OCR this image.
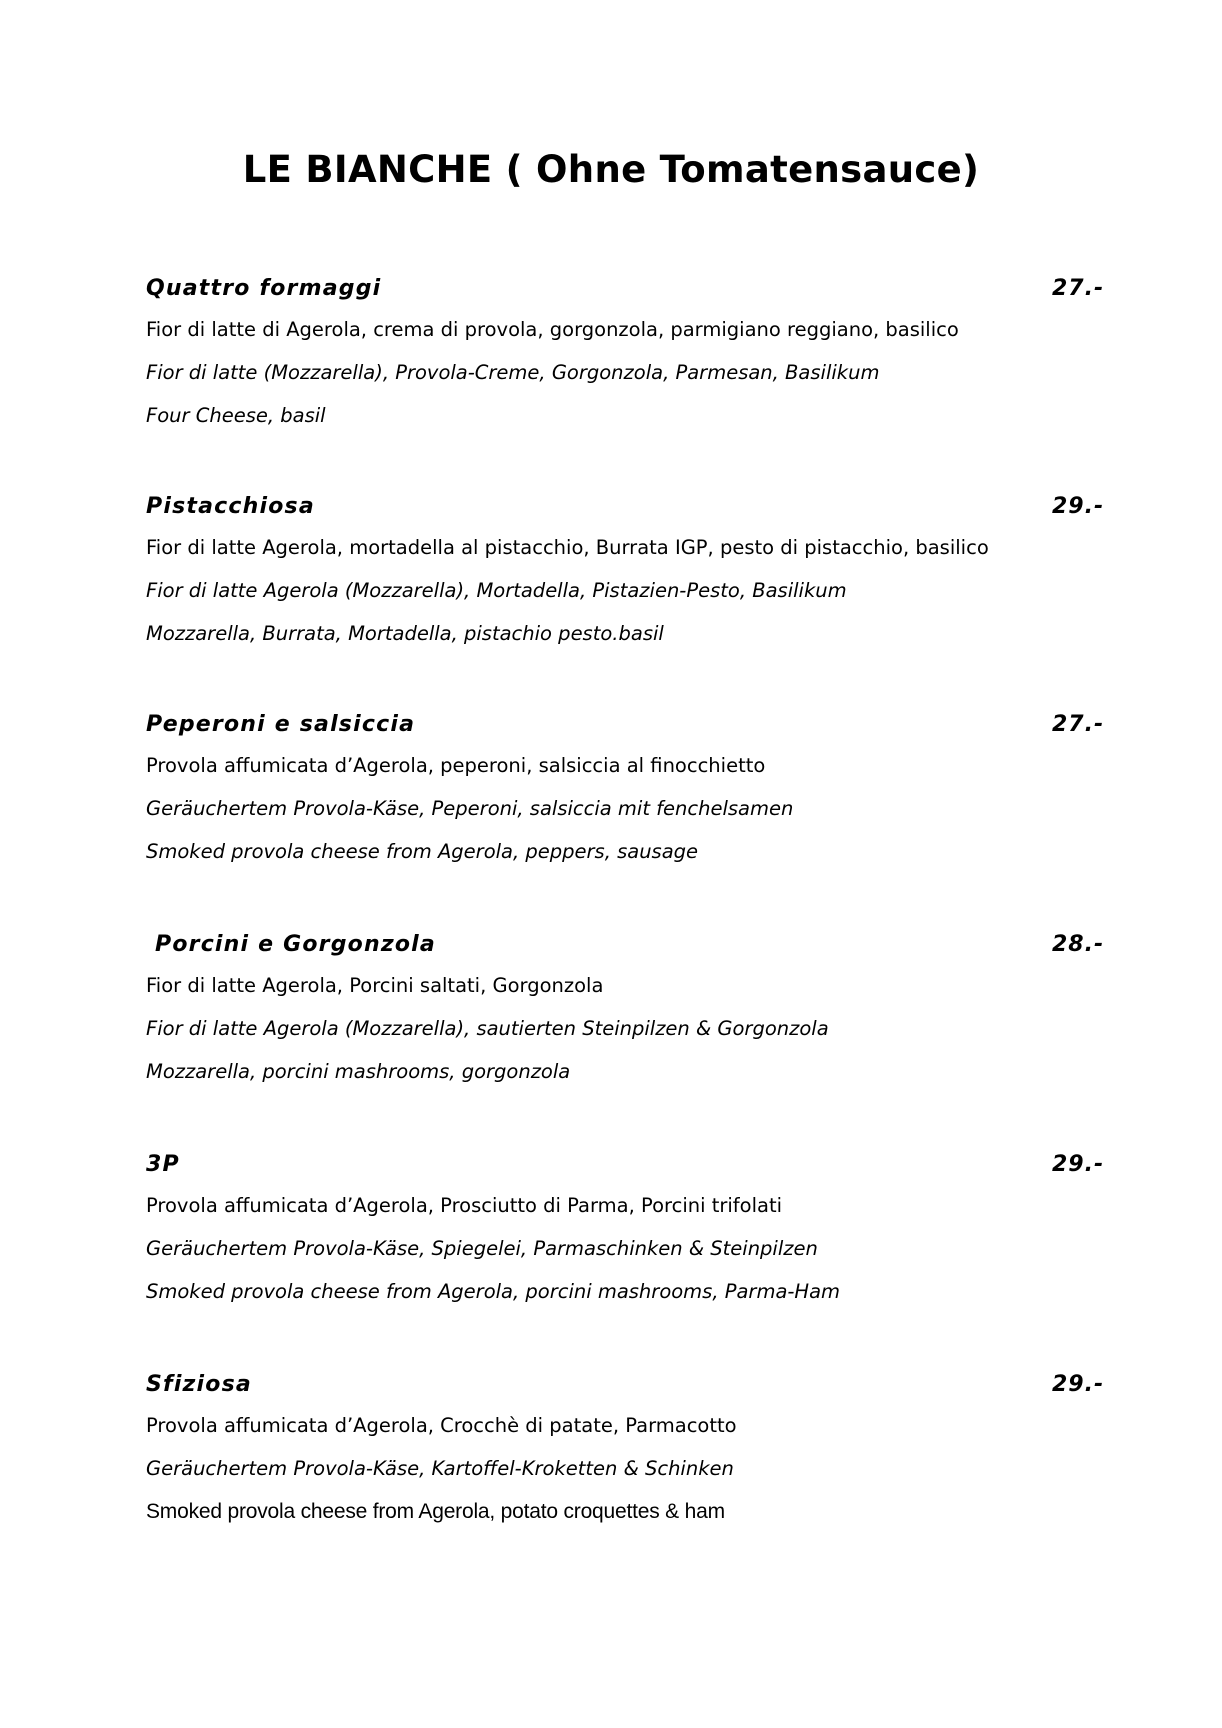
LE BIANCHE ( Ohne Tomatensauce)
Quattro formaggi	27.-
Fior di latte di Agerola, crema di provola, gorgonzola, parmigiano reggiano, basilico
Fior di latte (Mozzarella), Provola-Creme, Gorgonzola, Parmesan, Basilikum
Four Cheese, basil
Pistacchiosa	29.-
Fior di latte Agerola, mortadella al pistacchio, Burrata IGP, pesto di pistacchio, basilico
Fior di latte Agerola (Mozzarella), Mortadella, Pistazien-Pesto, Basilikum
Mozzarella, Burrata, Mortadella, pistachio pesto.basil
Peperoni e salsiccia	27.-
Provola affumicata d’Agerola, peperoni, salsiccia al finocchietto
Geräuchertem Provola-Käse, Peperoni, salsiccia mit fenchelsamen
Smoked provola cheese from Agerola, peppers, sausage
Porcini e Gorgonzola	28.-
Fior di latte Agerola, Porcini saltati, Gorgonzola
Fior di latte Agerola (Mozzarella), sautierten Steinpilzen & Gorgonzola
Mozzarella, porcini mashrooms, gorgonzola
3P	29.-
Provola affumicata d’Agerola, Prosciutto di Parma, Porcini trifolati
Geräuchertem Provola-Käse, Spiegelei, Parmaschinken & Steinpilzen
Smoked provola cheese from Agerola, porcini mashrooms, Parma-Ham
Sfiziosa	29.-
Provola affumicata d’Agerola, Crocchè di patate, Parmacotto
Geräuchertem Provola-Käse, Kartoffel-Kroketten & Schinken
Smoked provola cheese from Agerola, potato croquettes & ham
